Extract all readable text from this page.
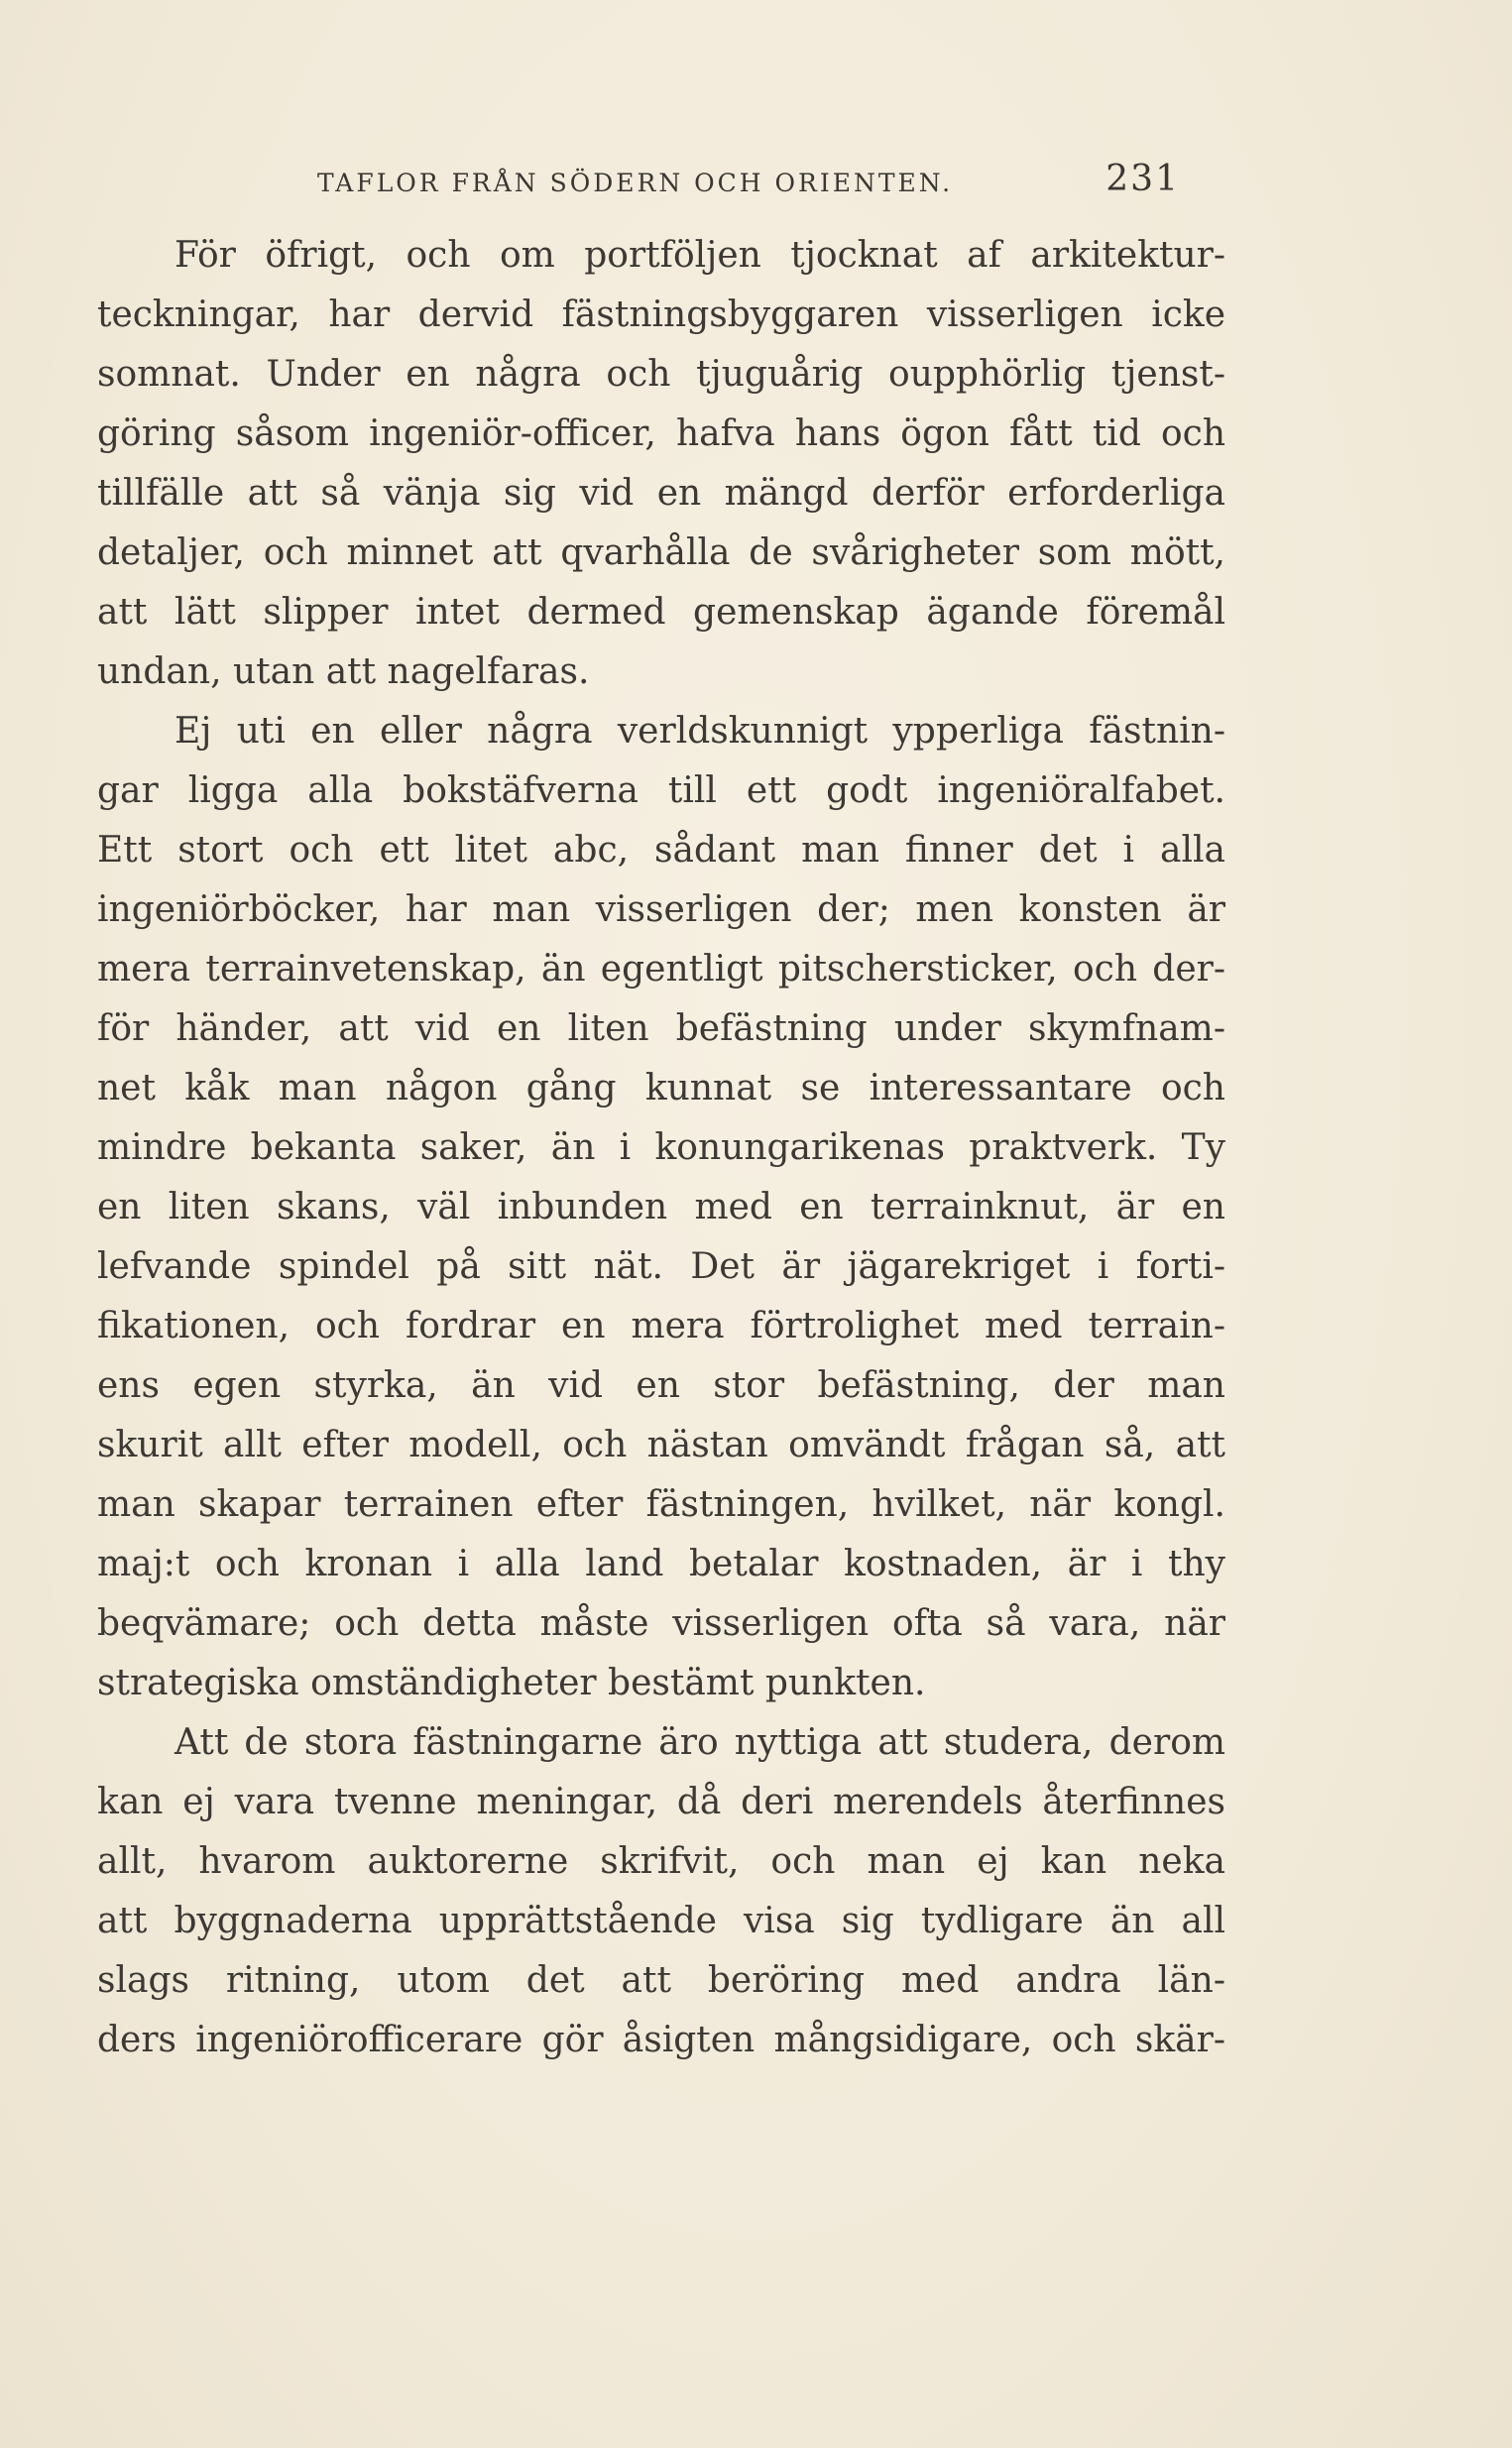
TAFLOR FRÅN SÖDERN OCH ORIENTEN.	231
För öfrigt, och om portföljen tjocknat af arkitektur-
teckningar, har dervid fästningsbyggaren visserligen icke
somnat. Under en några och tjuguårig oupphörlig tjenst-
göring såsom ingeniör-officer, hafva hans ögon fått tid och
tillfälle att så vänja sig vid en mängd derför erforderliga
detaljer, och minnet att qvarhålla de svårigheter som mött,
att lätt slipper intet dermed gemenskap ägande föremål
undan, utan att nagelfaras.
Ej uti en eller några verldskunnigt ypperliga fästnin-
gar ligga alla bokstäfverna till ett godt ingeniöralfabet.
Ett stort och ett litet abc, sådant man finner det i alla
ingeniörböcker, har man visserligen der; men konsten är
mera terrainvetenskap, än egentligt pitschersticker, och der-
för händer, att vid en liten befästning under skymfnam-
net kåk man någon gång kunnat se interessantare och
mindre bekanta saker, än i konungarikenas praktverk. Ty
en liten skans, väl inbunden med en terrainknut, är en
lefvande spindel på sitt nät. Det är jägarekriget i forti-
fikationen, och fordrar en mera förtrolighet med terrain-
ens egen styrka, än vid en stor befästning, der man
skurit allt efter modell, och nästan omvändt frågan så, att
man skapar terrainen efter fästningen, hvilket, när kongl.
maj:t och kronan i alla land betalar kostnaden, är i thy
beqvämare; och detta måste visserligen ofta så vara, när
strategiska omständigheter bestämt punkten.
Att de stora fästningarne äro nyttiga att studera, derom
kan ej vara tvenne meningar, då deri merendels återfinnes
allt, hvarom auktorerne skrifvit, och man ej kan neka
att byggnaderna upprättstående visa sig tydligare än all
slags ritning, utom det att beröring med andra län-
ders ingeniörofficerare gör åsigten mångsidigare, och skär-
